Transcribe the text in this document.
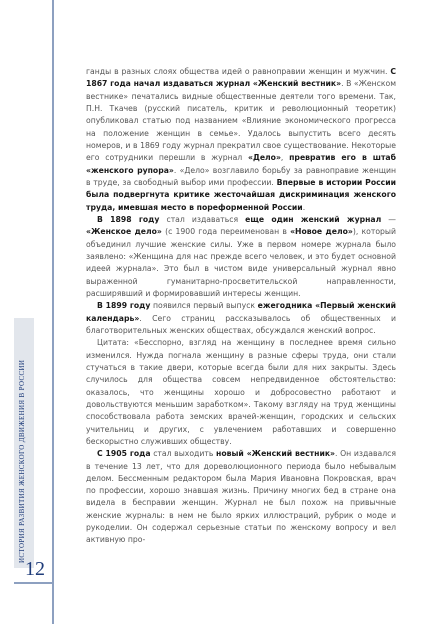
ИСТОРИЯ РАЗВИТИЯ ЖЕНСКОГО ДВИЖЕНИЯ В РОССИИ
12

ганды в разных слоях общества идей о равноправии женщин и мужчин. С 1867 года начал издаваться журнал «Женский вестник». В «Женском вестнике» печатались видные общественные деятели того времени. Так, П.Н. Ткачев (русский писатель, критик и революционный теоретик) опубликовал статью под названием «Влияние экономического прогресса на положение женщин в семье». Удалось выпустить всего десять номеров, и в 1869 году журнал прекратил свое существование. Некоторые его сотрудники перешли в журнал «Дело», превратив его в штаб «женского рупора». «Дело» возглавило борьбу за равноправие женщин в труде, за свободный выбор ими профессии. Впервые в истории России была подвергнута критике жесточайшая дискриминация женского труда, имевшая место в пореформенной России.

В 1898 году стал издаваться еще один женский журнал — «Женское дело» (с 1900 года переименован в «Новое дело»), который объединил лучшие женские силы. Уже в первом номере журнала было заявлено: «Женщина для нас прежде всего человек, и это будет основной идеей журнала». Это был в чистом виде универсальный журнал явно выраженной гуманитарно-просветительской направленности, расширявший и формировавший интересы женщин.

В 1899 году появился первый выпуск ежегодника «Первый женский календарь». Сего страниц рассказывалось об общественных и благотворительных женских обществах, обсуждался женский вопрос.

Цитата: «Бесспорно, взгляд на женщину в последнее время сильно изменился. Нужда погнала женщину в разные сферы труда, они стали стучаться в такие двери, которые всегда были для них закрыты. Здесь случилось для общества совсем непредвиденное обстоятельство: оказалось, что женщины хорошо и добросовестно работают и довольствуются меньшим заработком». Такому взгляду на труд женщины способствовала работа земских врачей-женщин, городских и сельских учительниц и других, с увлечением работавших и совершенно бескорыстно служивших обществу.

С 1905 года стал выходить новый «Женский вестник». Он издавался в течение 13 лет, что для дореволюционного периода было небывалым делом. Бессменным редактором была Мария Ивановна Покровская, врач по профессии, хорошо знавшая жизнь. Причину многих бед в стране она видела в бесправии женщин. Журнал не был похож на привычные женские журналы: в нем не было ярких иллюстраций, рубрик о моде и рукоделии. Он содержал серьезные статьи по женскому вопросу и вел активную про-
